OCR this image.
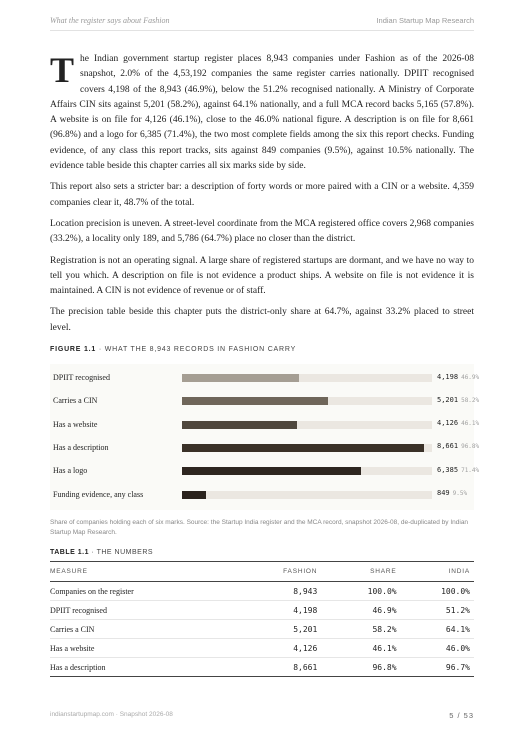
What the register says about Fashion	Indian Startup Map Research

The Indian government startup register places 8,943 companies under Fashion as of the 2026-08 snapshot, 2.0% of the 4,53,192 companies the same register carries nationally. DPIIT recognised covers 4,198 of the 8,943 (46.9%), below the 51.2% recognised nationally. A Ministry of Corporate Affairs CIN sits against 5,201 (58.2%), against 64.1% nationally, and a full MCA record backs 5,165 (57.8%). A website is on file for 4,126 (46.1%), close to the 46.0% national figure. A description is on file for 8,661 (96.8%) and a logo for 6,385 (71.4%), the two most complete fields among the six this report checks. Funding evidence, of any class this report tracks, sits against 849 companies (9.5%), against 10.5% nationally. The evidence table beside this chapter carries all six marks side by side.

This report also sets a stricter bar: a description of forty words or more paired with a CIN or a website. 4,359 companies clear it, 48.7% of the total.

Location precision is uneven. A street-level coordinate from the MCA registered office covers 2,968 companies (33.2%), a locality only 189, and 5,786 (64.7%) place no closer than the district.

Registration is not an operating signal. A large share of registered startups are dormant, and we have no way to tell you which. A description on file is not evidence a product ships. A website on file is not evidence it is maintained. A CIN is not evidence of revenue or of staff.

The precision table beside this chapter puts the district-only share at 64.7%, against 33.2% placed to street level.

FIGURE 1.1 · WHAT THE 8,943 RECORDS IN FASHION CARRY
DPIIT recognised	4,198 46.9%
Carries a CIN	5,201 58.2%
Has a website	4,126 46.1%
Has a description	8,661 96.8%
Has a logo	6,385 71.4%
Funding evidence, any class	849 9.5%
Share of companies holding each of six marks. Source: the Startup India register and the MCA record, snapshot 2026-08, de-duplicated by Indian Startup Map Research.
TABLE 1.1 · THE NUMBERS
MEASURE	FASHION	SHARE	INDIA
Companies on the register	8,943	100.0%	100.0%
DPIIT recognised	4,198	46.9%	51.2%
Carries a CIN	5,201	58.2%	64.1%
Has a website	4,126	46.1%	46.0%
Has a description	8,661	96.8%	96.7%
indianstartupmap.com · Snapshot 2026-08	5 / 53
